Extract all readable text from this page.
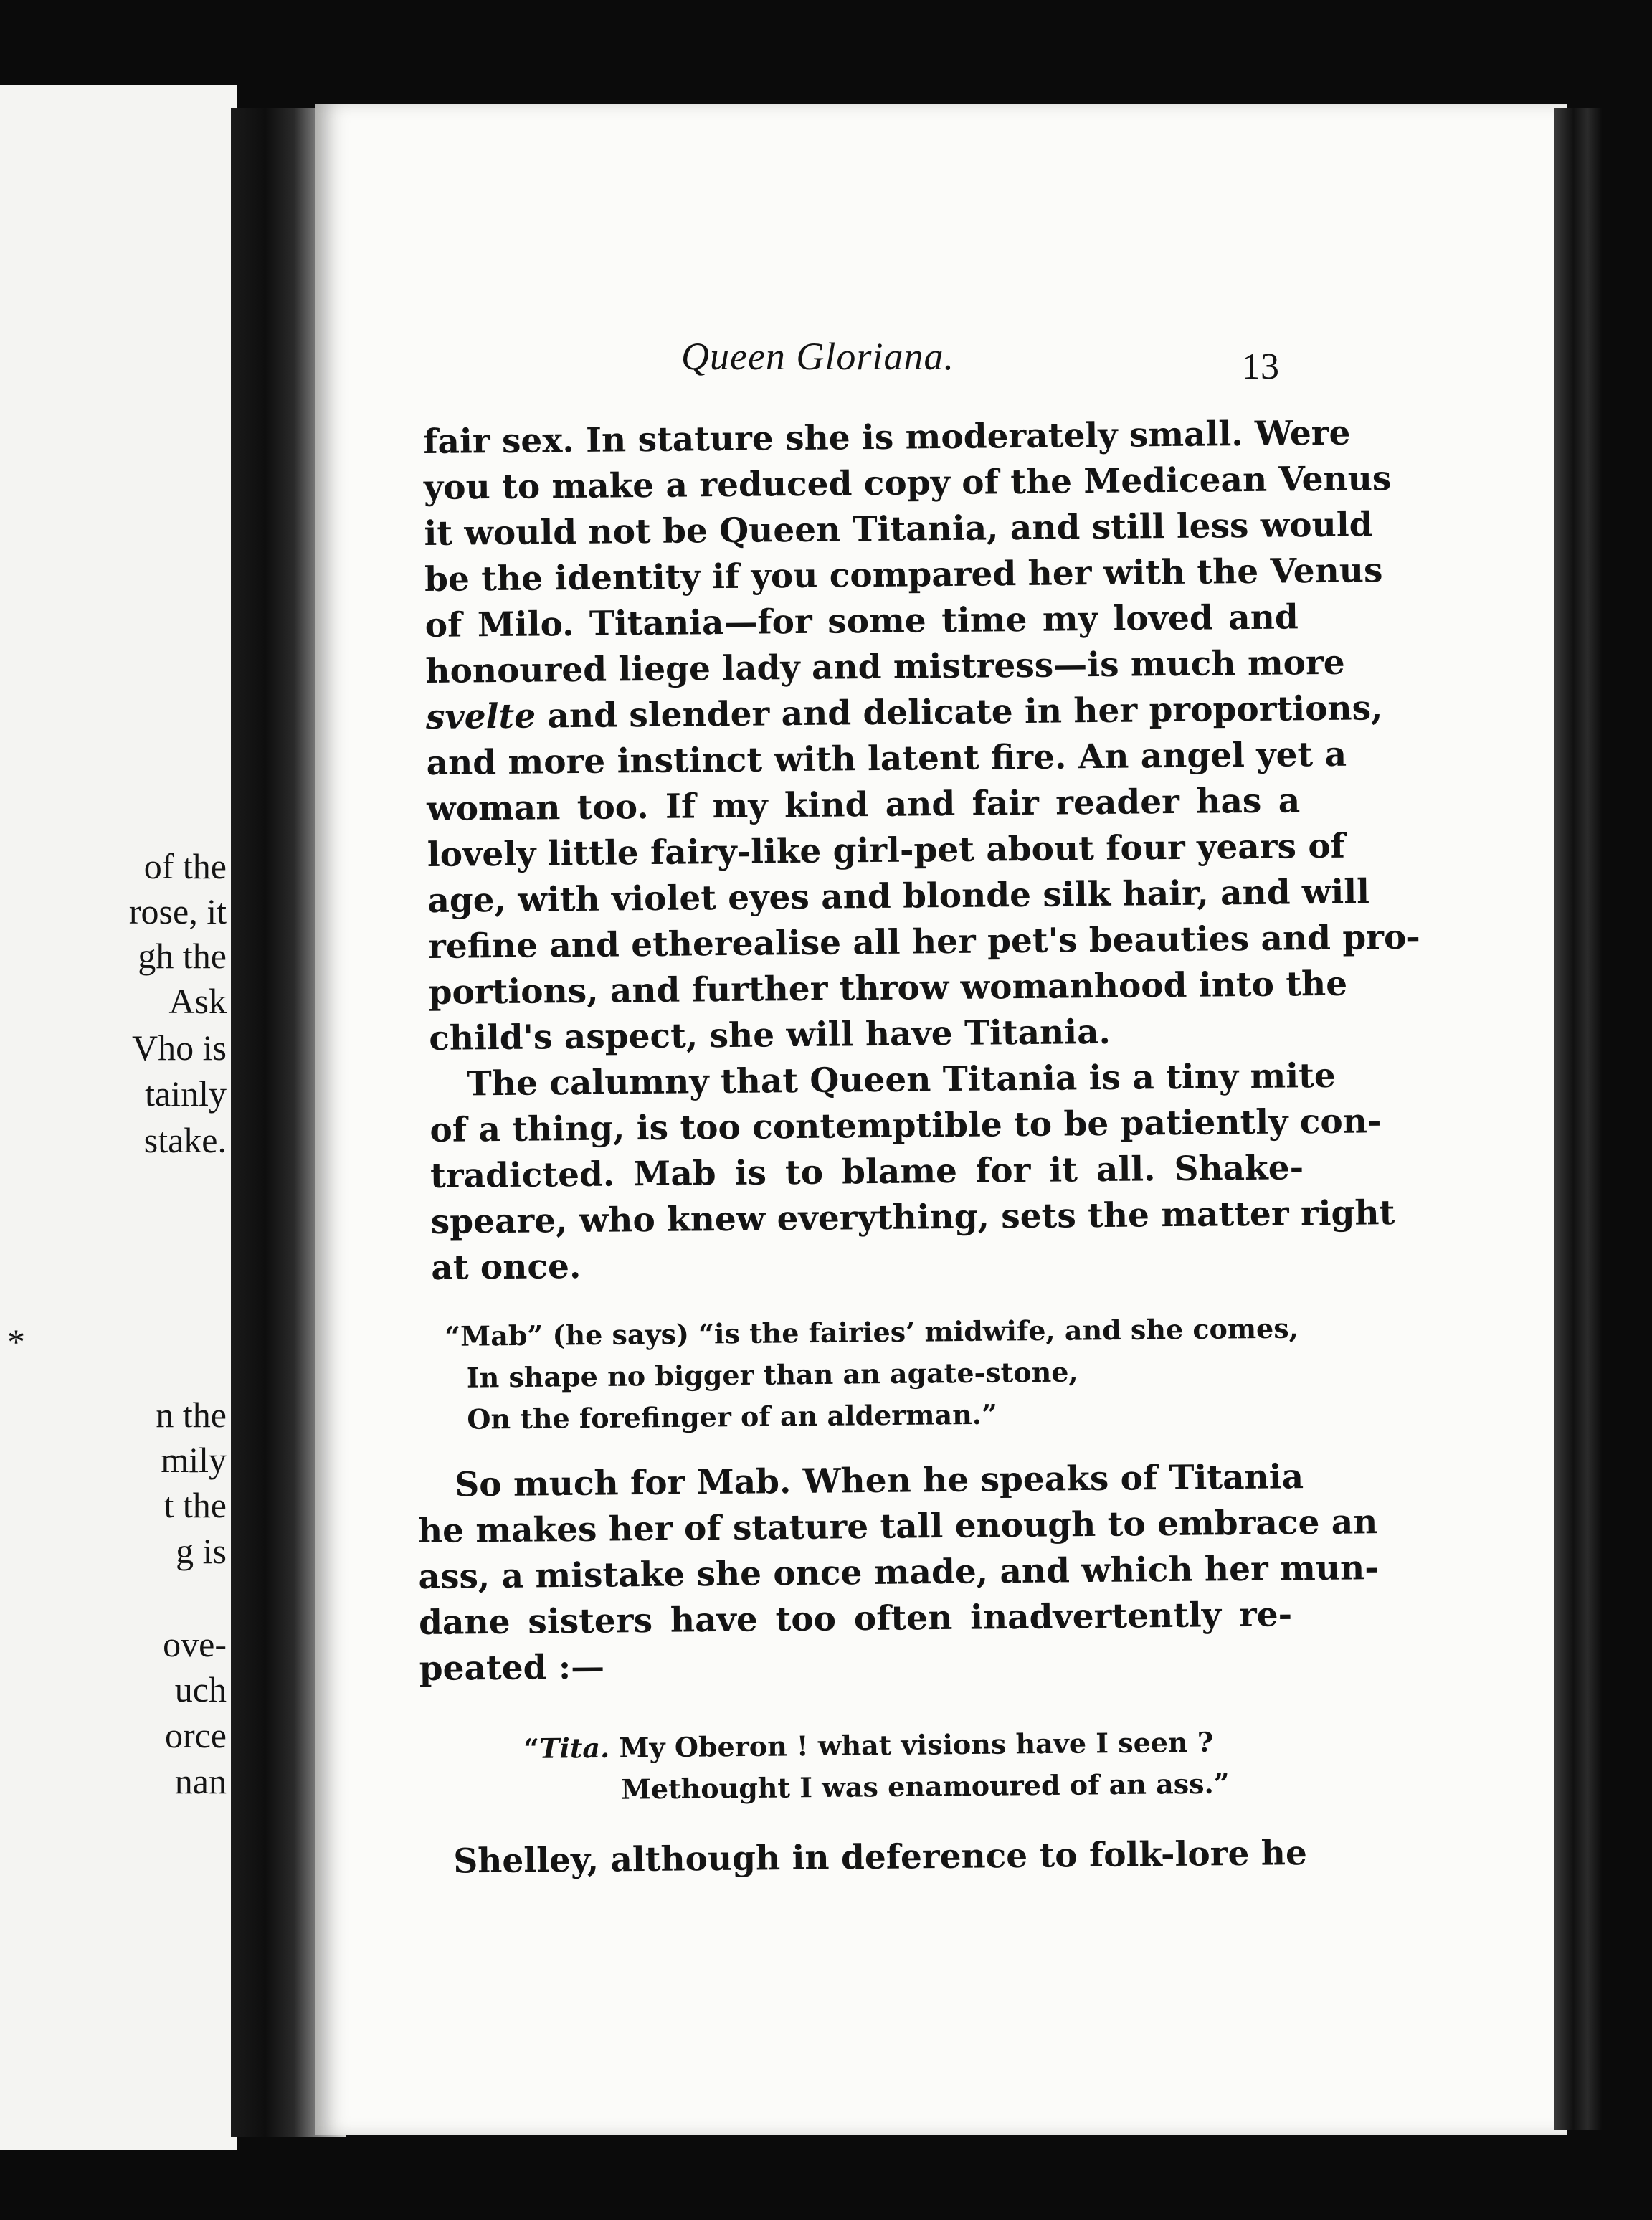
of the
rose, it
gh the
Ask
Vho is
tainly
stake.
*
n the
mily
t the
g is
ove-
uch
orce
nan
Queen Gloriana.	13
fair sex. In stature she is moderately small. Were
you to make a reduced copy of the Medicean Venus
it would not be Queen Titania, and still less would
be the identity if you compared her with the Venus
of Milo. Titania—for some time my loved and
honoured liege lady and mistress—is much more
svelte and slender and delicate in her proportions,
and more instinct with latent fire. An angel yet a
woman too. If my kind and fair reader has a
lovely little fairy-like girl-pet about four years of
age, with violet eyes and blonde silk hair, and will
refine and etherealise all her pet's beauties and pro-
portions, and further throw womanhood into the
child's aspect, she will have Titania.
The calumny that Queen Titania is a tiny mite
of a thing, is too contemptible to be patiently con-
tradicted. Mab is to blame for it all. Shake-
speare, who knew everything, sets the matter right
at once.
“Mab” (he says) “is the fairies’ midwife, and she comes,
In shape no bigger than an agate-stone,
On the forefinger of an alderman.”
So much for Mab. When he speaks of Titania
he makes her of stature tall enough to embrace an
ass, a mistake she once made, and which her mun-
dane sisters have too often inadvertently re-
peated :—
“Tita. My Oberon ! what visions have I seen ?
Methought I was enamoured of an ass.”
Shelley, although in deference to folk-lore he
